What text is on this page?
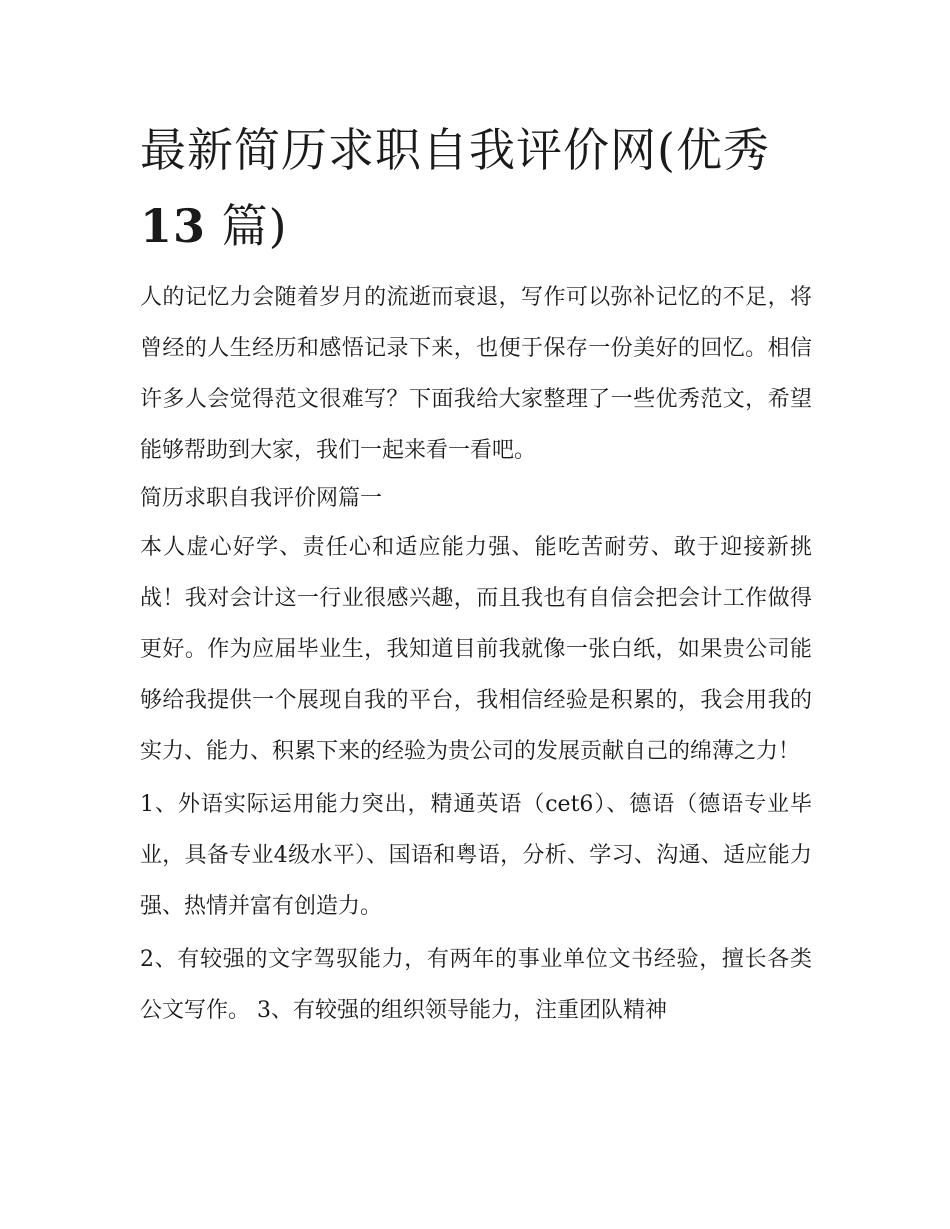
最新简历求职自我评价网(优秀
13 篇)

人的记忆力会随着岁月的流逝而衰退，写作可以弥补记忆的不足，将曾经的人生经历和感悟记录下来，也便于保存一份美好的回忆。相信许多人会觉得范文很难写？下面我给大家整理了一些优秀范文，希望能够帮助到大家，我们一起来看一看吧。

简历求职自我评价网篇一

本人虚心好学、责任心和适应能力强、能吃苦耐劳、敢于迎接新挑战！我对会计这一行业很感兴趣，而且我也有自信会把会计工作做得更好。作为应届毕业生，我知道目前我就像一张白纸，如果贵公司能够给我提供一个展现自我的平台，我相信经验是积累的，我会用我的实力、能力、积累下来的经验为贵公司的发展贡献自己的绵薄之力！

1、外语实际运用能力突出，精通英语（cet6）、德语（德语专业毕业，具备专业4级水平）、国语和粤语，分析、学习、沟通、适应能力强、热情并富有创造力。

2、有较强的文字驾驭能力，有两年的事业单位文书经验，擅长各类公文写作。 3、有较强的组织领导能力，注重团队精神
